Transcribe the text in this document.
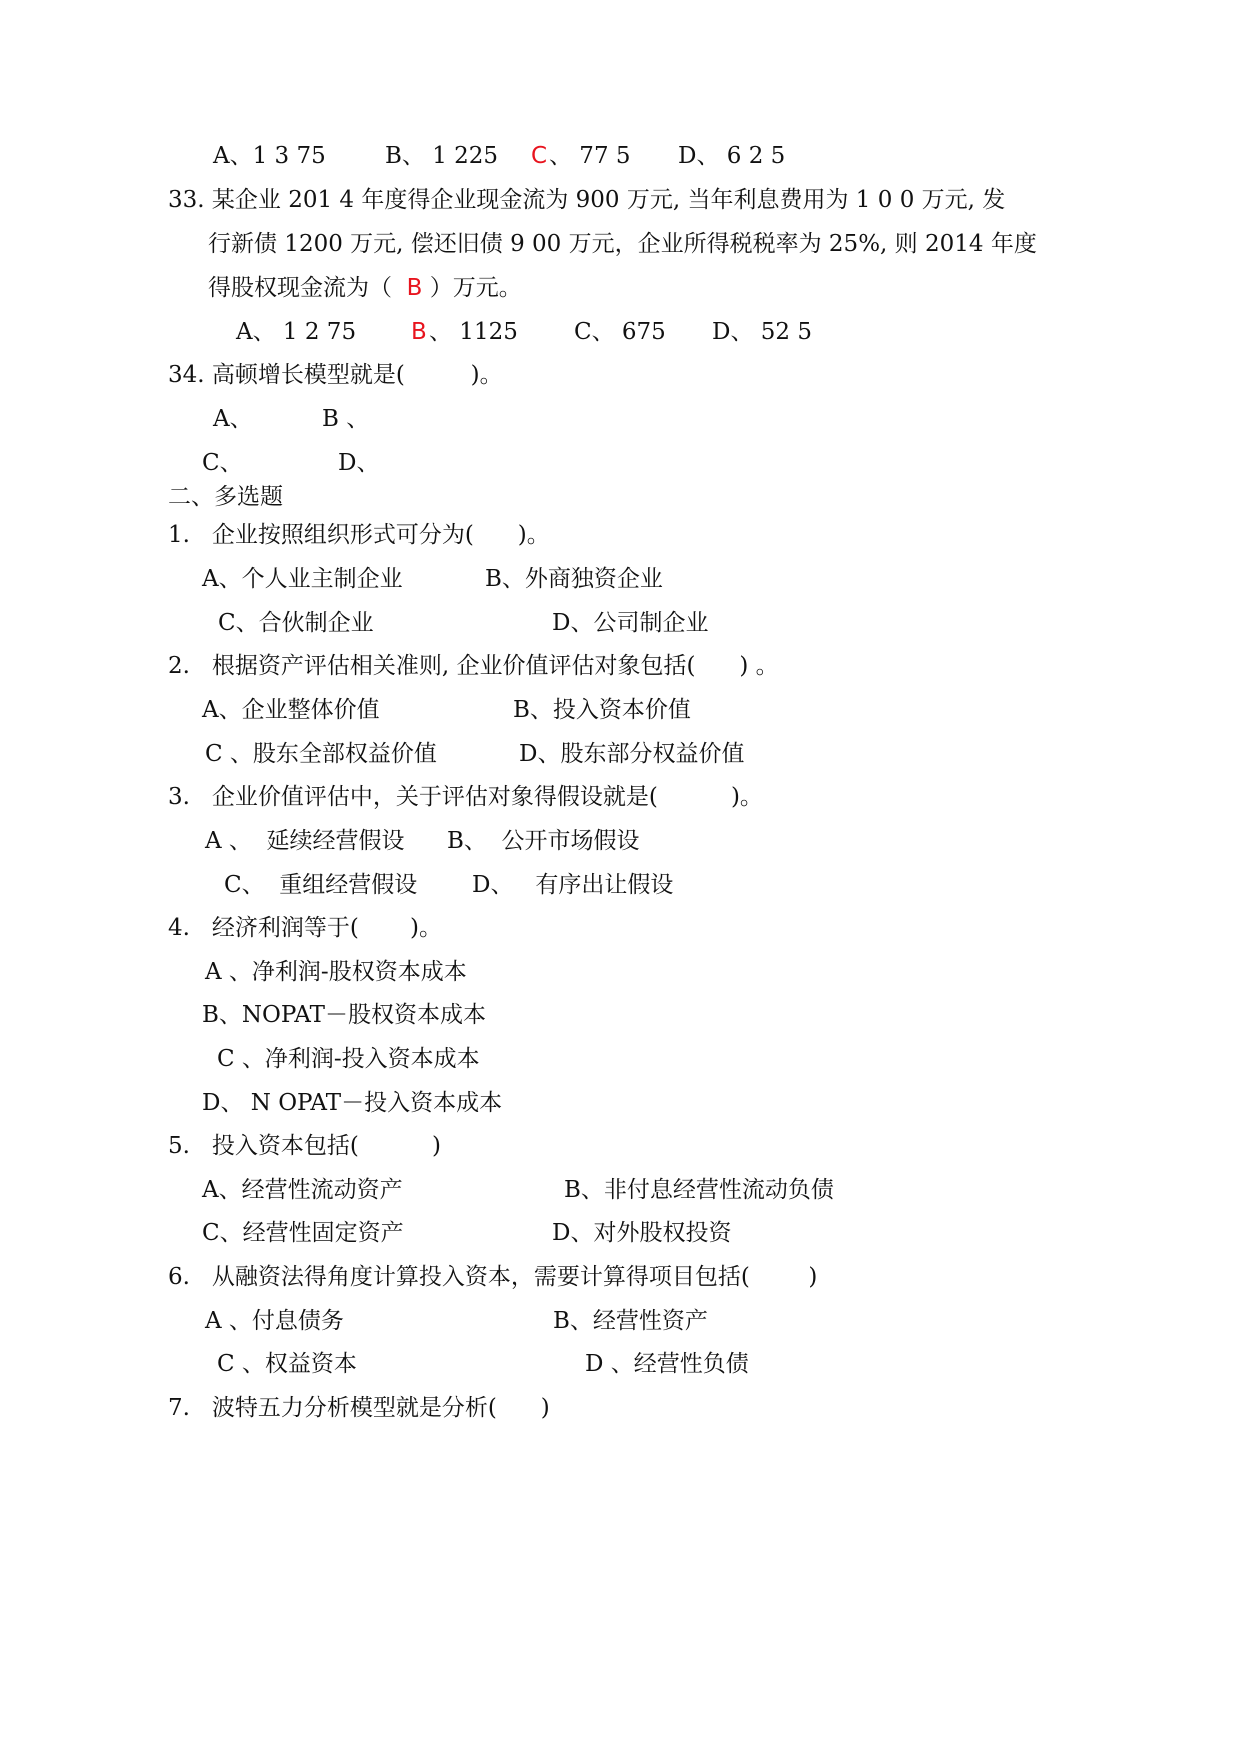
A、1 3 75	B、 1 225 C 、 77 5 D、 6 2 5
33. 某企业 201 4 年度得企业现金流为 900 万元, 当年利息费用为 1 0 0 万元, 发
行新债 1200 万元, 偿还旧债 9 00 万元，企业所得税税率为 25%, 则 2014 年度
得股权现金流为（ B ）万元。
A、 1 2 75 B 、 1125 C、 675 D、 52 5
34. 高顿增长模型就是(         )。
A、	B 、
C、	D、
二、多选题
1.   企业按照组织形式可分为(      )。
A、个人业主制企业	B、外商独资企业
C、合伙制企业	D、公司制企业
2.   根据资产评估相关准则, 企业价值评估对象包括(      ) 。
A、企业整体价值	B、投入资本价值
C 、股东全部权益价值	D、股东部分权益价值
3.   企业价值评估中，关于评估对象得假设就是(          )。
A 、  延续经营假设 B、  公开市场假设
C、  重组经营假设 D、   有序出让假设
4.   经济利润等于(       )。
A 、净利润-股权资本成本
B、NOPAT－股权资本成本
C 、净利润-投入资本成本
D、 N OPAT－投入资本成本
5.   投入资本包括(          )
A、经营性流动资产	B、非付息经营性流动负债
C、经营性固定资产	D、对外股权投资
6.   从融资法得角度计算投入资本，需要计算得项目包括(        )
A 、付息债务	B、经营性资产
C 、权益资本	D 、经营性负债
7.   波特五力分析模型就是分析(      )
